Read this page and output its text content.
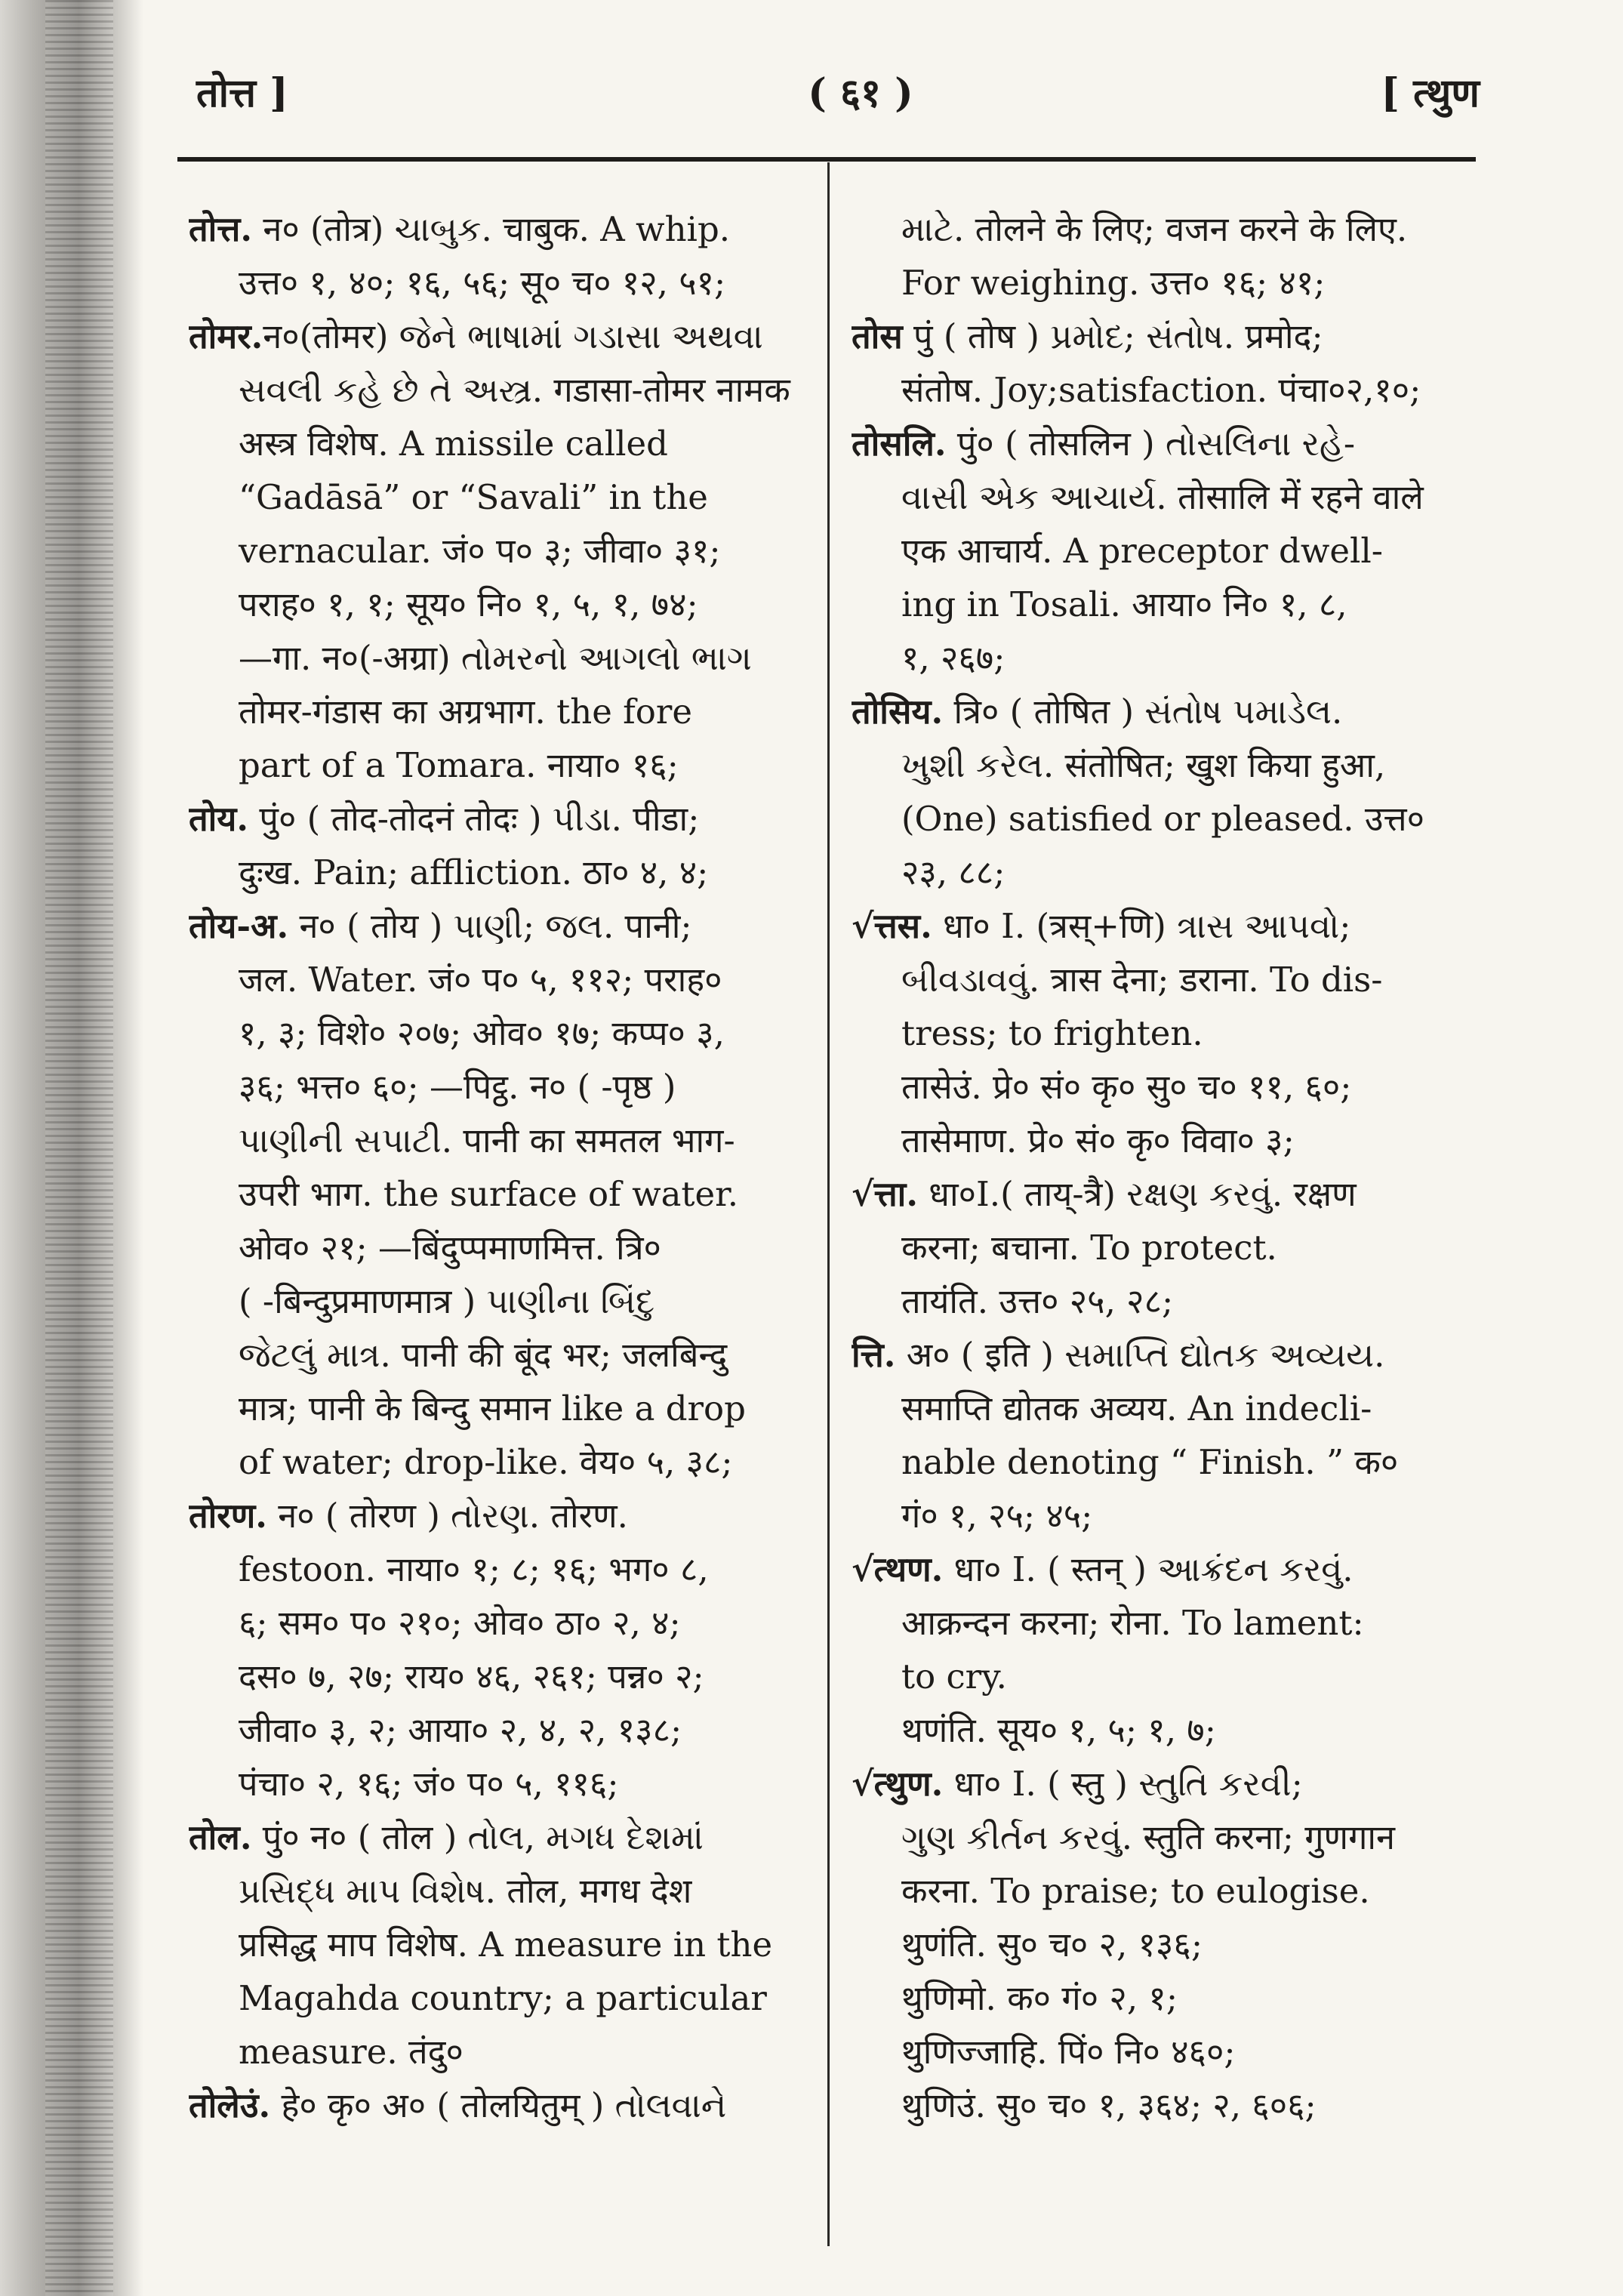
तोत्त ]	( ६१ )	[ त्थुण
तोत्त. न० (तोत्र) ચાબુક. चाबुक. A whip.
उत्त० १, ४०; १६, ५६; सू० च० १२, ५१;
तोमर.न०(तोमर) જેને ભાષામાં ગડાસા અથવા
સવલી કહે છે તે અસ્ત્ર. गडासा-तोमर नामक
अस्त्र विशेष. A missile called
“Gadāsā” or “Savali” in the
vernacular. जं० प० ३; जीवा० ३१;
पराह० १, १; सूय० नि० १, ५, १, ७४;
—गा. न०(-अग्रा) તોમરનો આગલો ભાગ
तोमर-गंडास का अग्रभाग. the fore
part of a Tomara. नाया० १६;
तोय. पुं० ( तोद-तोदनं तोदः ) પીડા. पीडा;
दुःख. Pain; affliction. ठा० ४, ४;
तोय-अ. न० ( तोय ) પાણી; જલ. पानी;
जल. Water. जं० प० ५, ११२; पराह०
१, ३; विशे० २०७; ओव० १७; कप्प० ३,
३६; भत्त० ६०; —पिट्ठ. न० ( -पृष्ठ )
પાણીની સપાટી. पानी का समतल भाग-
उपरी भाग. the surface of water.
ओव० २१; —बिंदुप्पमाणमित्त. त्रि०
( -बिन्दुप्रमाणमात्र ) પાણીના બિંદુ
જેટલું માત્ર. पानी की बूंद भर; जलबिन्दु
मात्र; पानी के बिन्दु समान like a drop
of water; drop-like. वेय० ५, ३८;
तोरण. न० ( तोरण ) તોરણ. तोरण.
festoon. नाया० १; ८; १६; भग० ८,
६; सम० प० २१०; ओव० ठा० २, ४;
दस० ७, २७; राय० ४६, २६१; पन्न० २;
जीवा० ३, २; आया० २, ४, २, १३८;
पंचा० २, १६; जं० प० ५, ११६;
तोल. पुं० न० ( तोल ) તોલ, મગધ દેશમાં
પ્રસિદ્ધ માપ વિશેષ. तोल, मगध देश
प्रसिद्ध माप विशेष. A measure in the
Magahda country; a particular
measure. तंदु०
तोलेउं. हे० कृ० अ० ( तोलयितुम् ) તોલવાને
માટે. तोलने के लिए; वजन करने के लिए.
For weighing. उत्त० १६; ४१;
तोस पुं ( तोष ) પ્રમોદ; સંતોષ. प्रमोद;
संतोष. Joy;satisfaction. पंचा०२,१०;
तोसलि. पुं० ( तोसलिन ) તોસલિના રહે-
વાસી એક આચાર્ય. तोसालि में रहने वाले
एक आचार्य. A preceptor dwell-
ing in Tosali. आया० नि० १, ८,
१, २६७;
तोसिय. त्रि० ( तोषित ) સંતોષ પમાડેલ.
ખુશી કરેલ. संतोषित; खुश किया हुआ,
(One) satisfied or pleased. उत्त०
२३, ८८;
√त्तस. धा० I. (त्रस्+णि) ત્રાસ આપવો;
બીવડાવવું. त्रास देना; डराना. To dis-
tress; to frighten.
तासेउं. प्रे० सं० कृ० सु० च० ११, ६०;
तासेमाण. प्रे० सं० कृ० विवा० ३;
√त्ता. धा०I.( ताय्-त्रै) રક્ષણ કરવું. रक्षण
करना; बचाना. To protect.
तायंति. उत्त० २५, २८;
त्ति. अ० ( इति ) સમાપ્તિ દ્યોતક અવ્યય.
समाप्ति द्योतक अव्यय. An indecli-
nable denoting “ Finish. ” क०
गं० १, २५; ४५;
√त्थण. धा० I. ( स्तन् ) આક્રંદન કરવું.
आक्रन्दन करना; रोना. To lament:
to cry.
थणंति. सूय० १, ५; १, ७;
√त्थुण. धा० I. ( स्तु ) સ્તુતિ કરવી;
ગુણ કીર્તન કરવું. स्तुति करना; गुणगान
करना. To praise; to eulogise.
थुणंति. सु० च० २, १३६;
थुणिमो. क० गं० २, १;
थुणिज्जाहि. पिं० नि० ४६०;
थुणिउं. सु० च० १, ३६४; २, ६०६;
